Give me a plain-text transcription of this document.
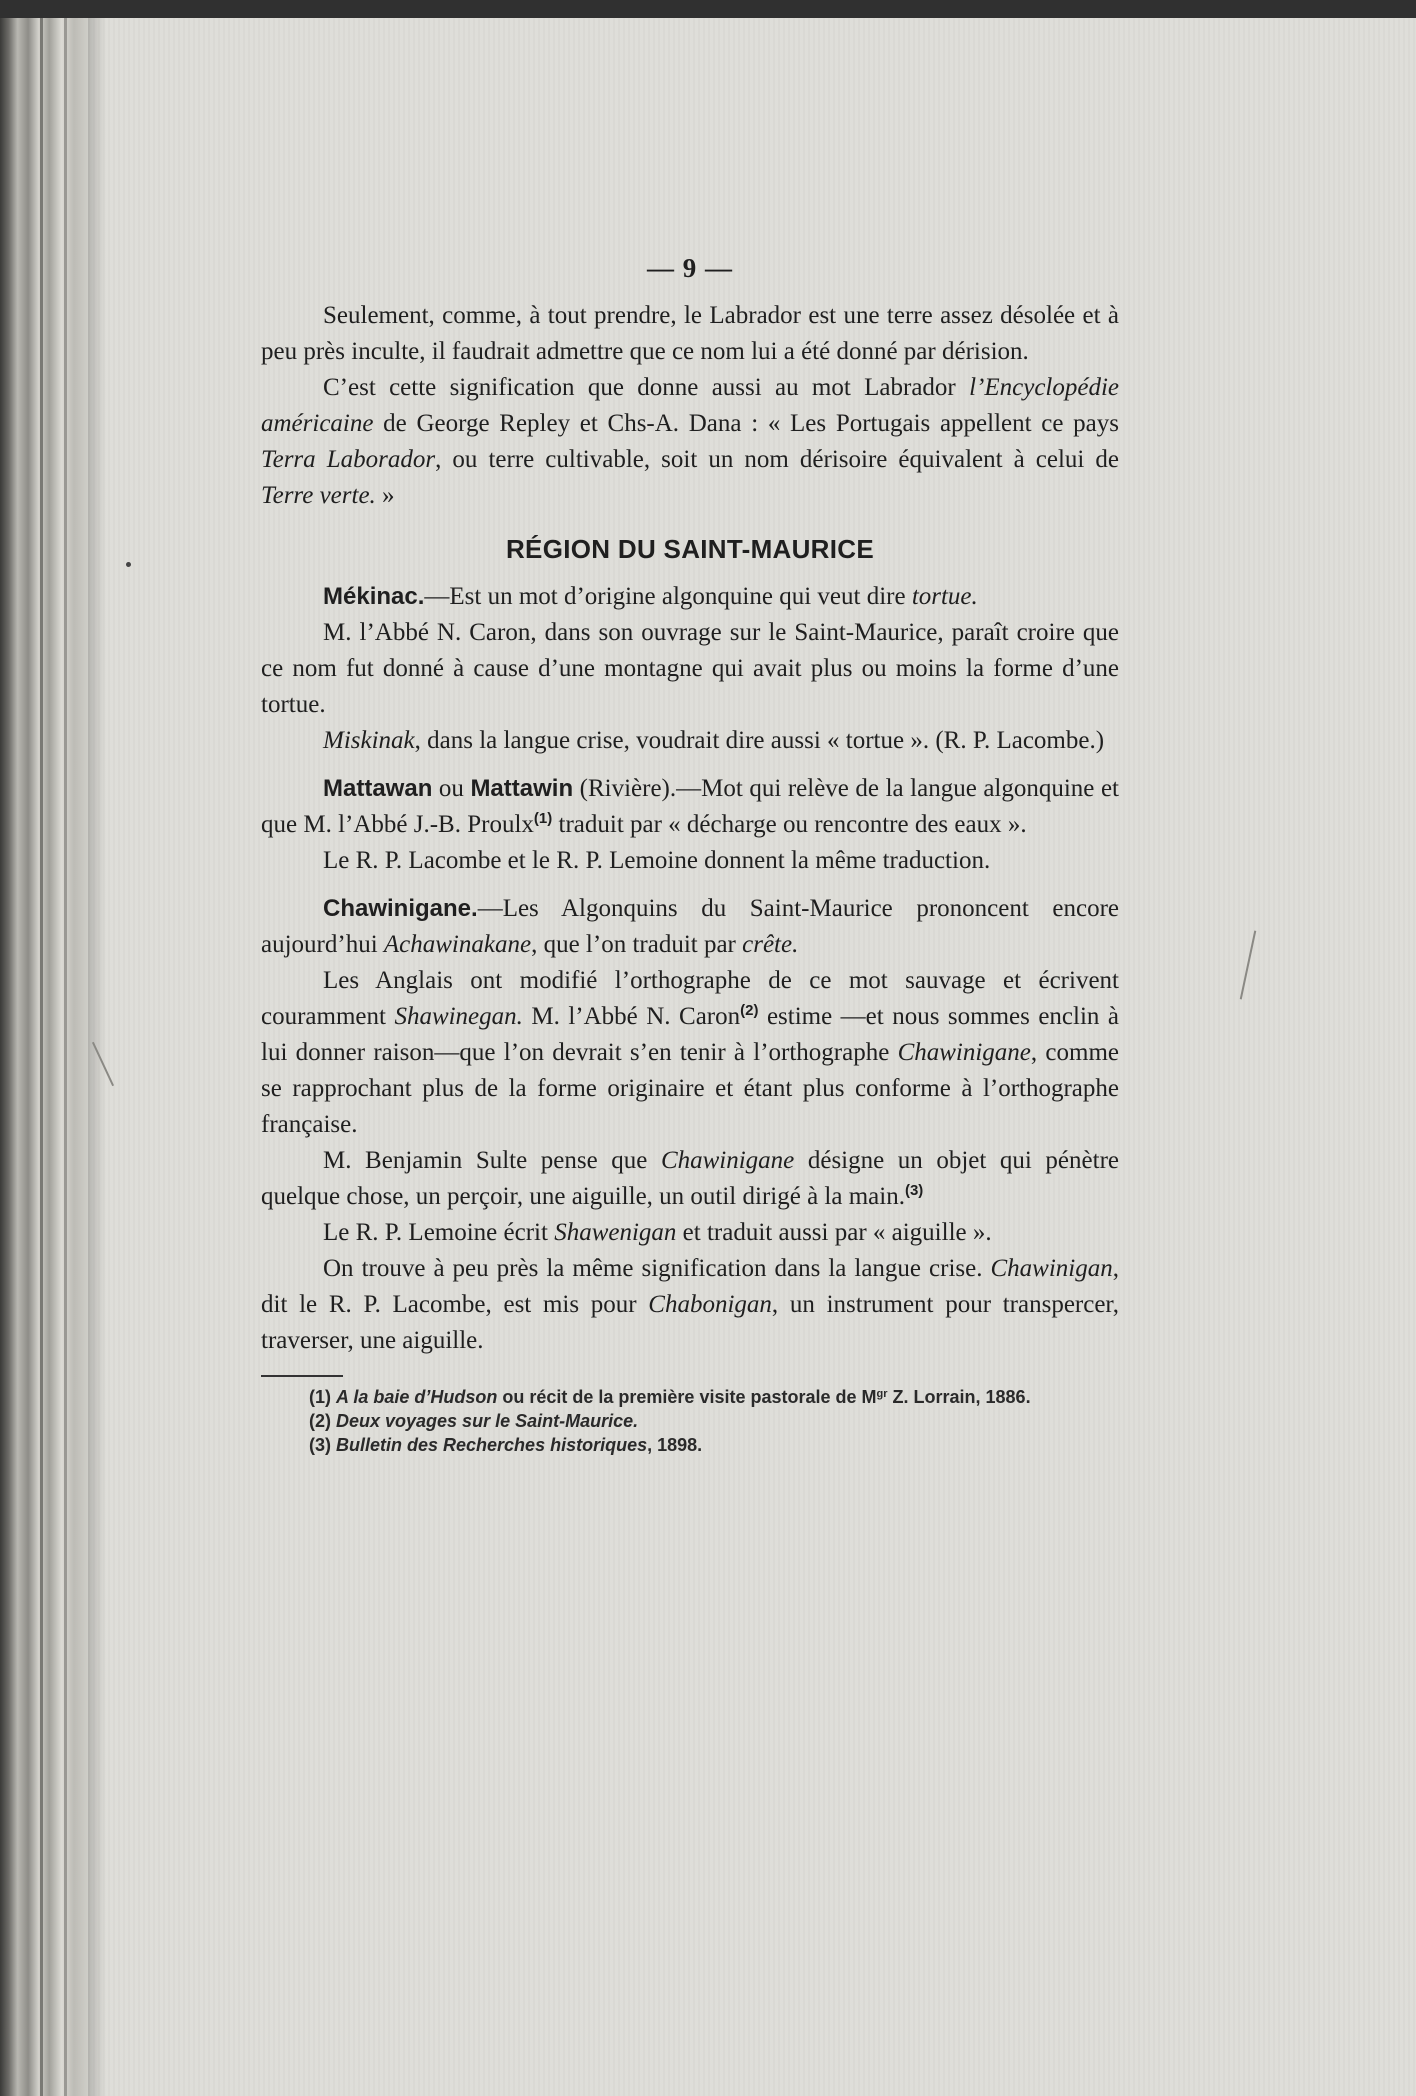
— 9 —

Seulement, comme, à tout prendre, le Labrador est une terre assez désolée et à peu près inculte, il faudrait admettre que ce nom lui a été donné par dérision.

C’est cette signification que donne aussi au mot Labrador l’Encyclopédie américaine de George Repley et Chs-A. Dana : « Les Portugais appellent ce pays Terra Laborador, ou terre cultivable, soit un nom dérisoire équivalent à celui de Terre verte. »

RÉGION DU SAINT-MAURICE

Mékinac.—Est un mot d’origine algonquine qui veut dire tortue.

M. l’Abbé N. Caron, dans son ouvrage sur le Saint-Maurice, paraît croire que ce nom fut donné à cause d’une montagne qui avait plus ou moins la forme d’une tortue.

Miskinak, dans la langue crise, voudrait dire aussi « tortue ». (R. P. Lacombe.)

Mattawan ou Mattawin (Rivière).—Mot qui relève de la langue algonquine et que M. l’Abbé J.-B. Proulx$^{(1)}$ traduit par « décharge ou rencontre des eaux ».

Le R. P. Lacombe et le R. P. Lemoine donnent la même traduction.

Chawinigane.—Les Algonquins du Saint-Maurice prononcent encore aujourd’hui Achawinakane, que l’on traduit par crête.

Les Anglais ont modifié l’orthographe de ce mot sauvage et écrivent couramment Shawinegan. M. l’Abbé N. Caron$^{(2)}$ estime —et nous sommes enclin à lui donner raison—que l’on devrait s’en tenir à l’orthographe Chawinigane, comme se rapprochant plus de la forme originaire et étant plus conforme à l’orthographe française.

M. Benjamin Sulte pense que Chawinigane désigne un objet qui pénètre quelque chose, un perçoir, une aiguille, un outil dirigé à la main.$^{(3)}$

Le R. P. Lemoine écrit Shawenigan et traduit aussi par « aiguille ».

On trouve à peu près la même signification dans la langue crise. Chawinigan, dit le R. P. Lacombe, est mis pour Chabonigan, un instrument pour transpercer, traverser, une aiguille.

(1) A la baie d’Hudson ou récit de la première visite pastorale de M$^{gr}$ Z. Lorrain, 1886.

(2) Deux voyages sur le Saint-Maurice.

(3) Bulletin des Recherches historiques, 1898.
